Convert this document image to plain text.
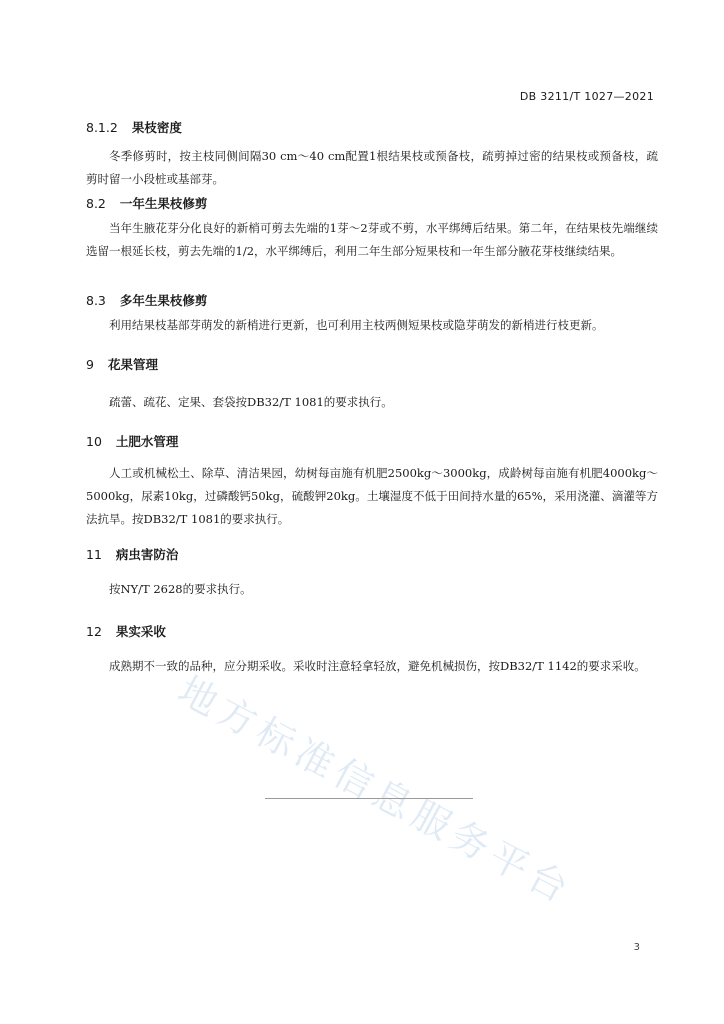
DB 3211/T 1027—2021
8.1.2 果枝密度
冬季修剪时，按主枝同侧间隔30 cm～40 cm配置1根结果枝或预备枝，疏剪掉过密的结果枝或预备枝，疏剪时留一小段桩或基部芽。
8.2 一年生果枝修剪
当年生腋花芽分化良好的新梢可剪去先端的1芽～2芽或不剪，水平绑缚后结果。第二年，在结果枝先端继续选留一根延长枝，剪去先端的1/2，水平绑缚后，利用二年生部分短果枝和一年生部分腋花芽枝继续结果。
8.3 多年生果枝修剪
利用结果枝基部芽萌发的新梢进行更新，也可利用主枝两侧短果枝或隐芽萌发的新梢进行枝更新。
9 花果管理
疏蕾、疏花、定果、套袋按DB32/T 1081的要求执行。
10 土肥水管理
人工或机械松土、除草、清洁果园，幼树每亩施有机肥2500kg～3000kg，成龄树每亩施有机肥4000kg～5000kg，尿素10kg，过磷酸钙50kg，硫酸钾20kg。土壤湿度不低于田间持水量的65%，采用浇灌、滴灌等方法抗旱。按DB32/T 1081的要求执行。
11 病虫害防治
按NY/T 2628的要求执行。
12 果实采收
成熟期不一致的品种，应分期采收。采收时注意轻拿轻放，避免机械损伤，按DB32/T 1142的要求采收。
地方标准信息服务平台
3
